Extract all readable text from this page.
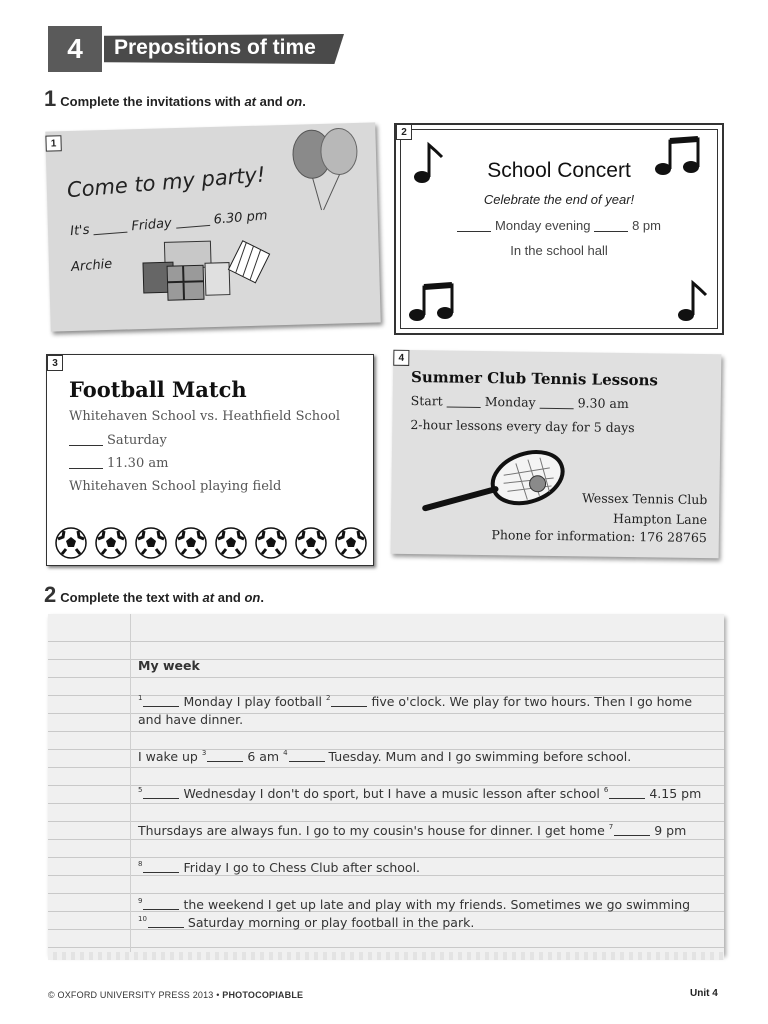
4	Prepositions of time
1 Complete the invitations with at and on.
1
Come to my party!
It's	Friday	6.30 pm
Archie
2
School Concert
Celebrate the end of year!
Monday evening	8 pm
In the school hall
3
Football Match
Whitehaven School vs. Heathfield School
Saturday
11.30 am
Whitehaven School playing field
4
Summer Club Tennis Lessons
Start	Monday	9.30 am
2-hour lessons every day for 5 days
Wessex Tennis Club
Hampton Lane
Phone for information: 176 28765
2 Complete the text with at and on.
My week
$^1$	Monday I play football $^2$	five o'clock. We play for two hours. Then I go home
and have dinner.
I wake up $^3$	6 am $^4$	Tuesday. Mum and I go swimming before school.
$^5$	Wednesday I don't do sport, but I have a music lesson after school $^6$	4.15 pm
Thursdays are always fun. I go to my cousin's house for dinner. I get home $^7$	9 pm
$^8$	Friday I go to Chess Club after school.
$^9$	the weekend I get up late and play with my friends. Sometimes we go swimming
$^{10}$	Saturday morning or play football in the park.
© OXFORD UNIVERSITY PRESS 2013 • PHOTOCOPIABLE	Unit 4
